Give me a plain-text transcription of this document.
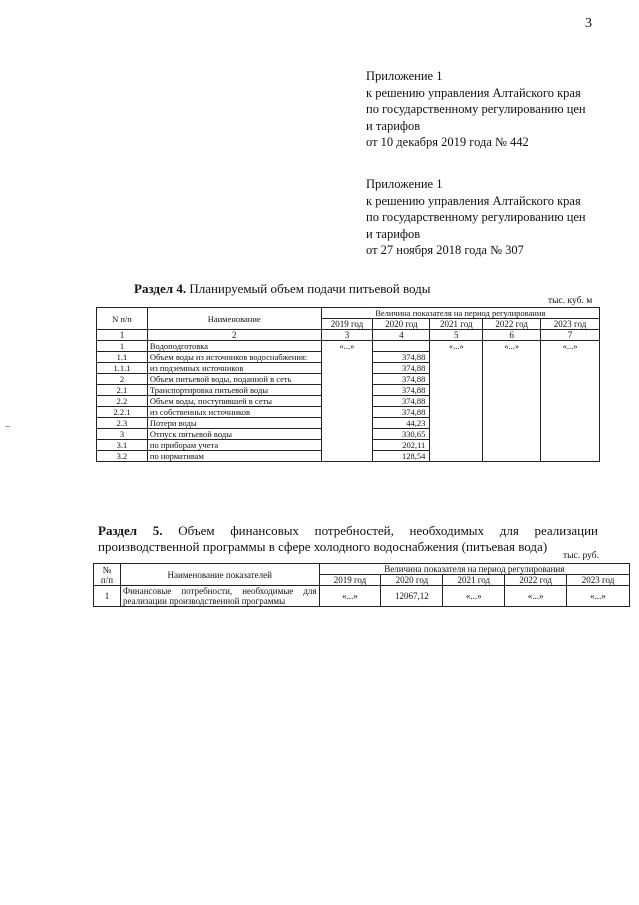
3
Приложение 1
к решению управления Алтайского края
по государственному регулированию цен
и тарифов
от 10 декабря 2019 года № 442
Приложение 1
к решению управления Алтайского края
по государственному регулированию цен
и тарифов
от 27 ноября 2018 года № 307
Раздел 4. Планируемый объем подачи питьевой воды
тыс. куб. м
N п/п	Наименование	Величина показателя на период регулирования				
		2019 год	2020 год	2021 год	2022 год	2023 год
1	2	3	4	5	6	7
1	Водоподготовка	«...»		«...»	«...»	«...»
1.1	Объем воды из источников водоснабжения:		374,88			
1.1.1	из подземных источников		374,88			
2	Объем питьевой воды, поданной в сеть		374,88			
2.1	Транспортировка питьевой воды		374,88			
2.2	Объем воды, поступившей в сеты		374,88			
2.2.1	из собственных источников		374,88			
2.3	Потери воды		44,23			
3	Отпуск питьевой воды		330,65			
3.1	по приборам учета		202,11			
3.2	по нормативам		128,54			
Раздел 5. Объем финансовых потребностей, необходимых для реализации
производственной программы в сфере холодного водоснабжения (питьевая вода)
тыс. руб.
№
п/п	Наименование показателей	Величина показателя на период регулирования				
		2019 год	2020 год	2021 год	2022 год	2023 год
1	Финансовые потребности, необходимые для реализации производственной программы	«...»	12067,12	«...»	«...»	«...»
